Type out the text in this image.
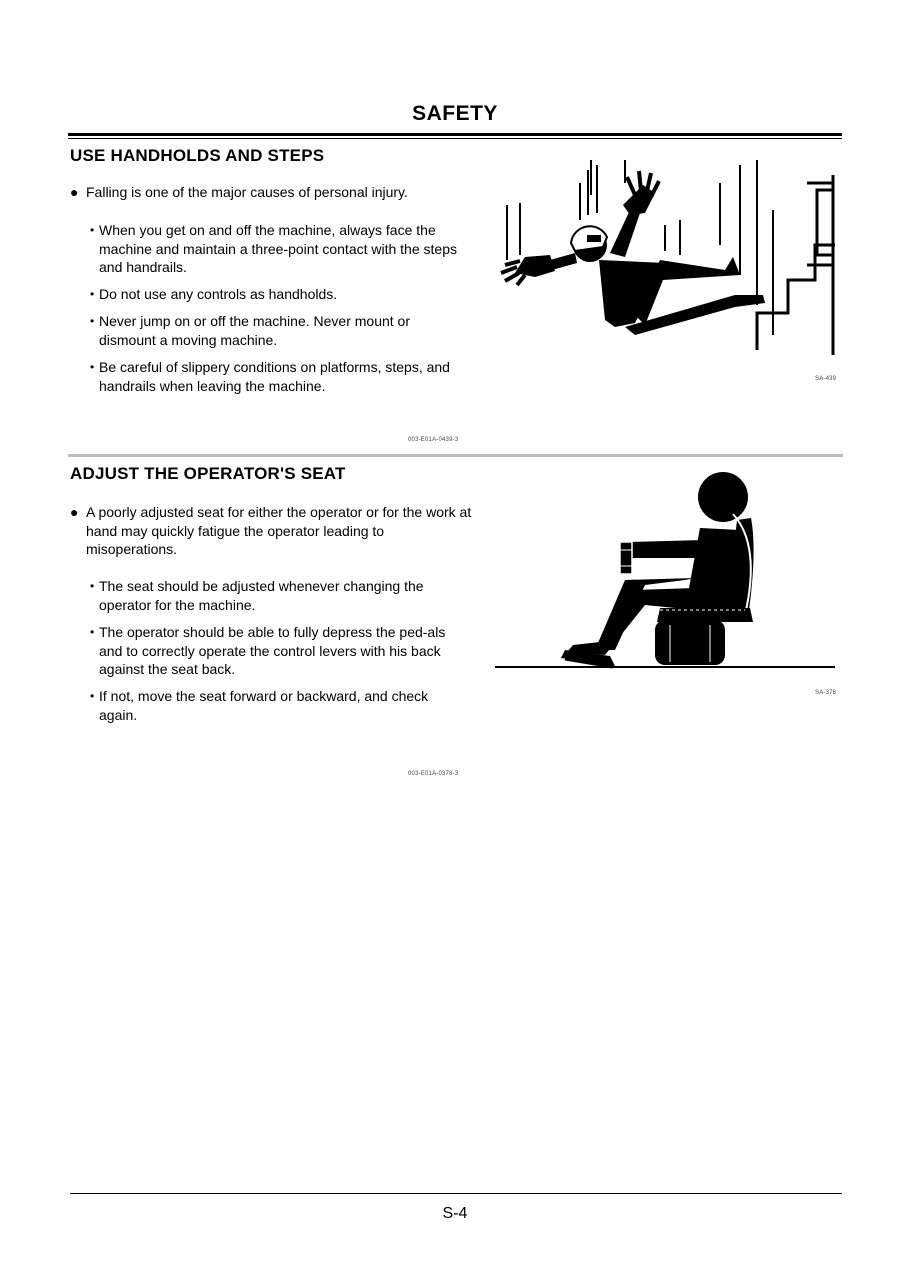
SAFETY
USE HANDHOLDS AND STEPS
● Falling is one of the major causes of personal injury.
• When you get on and off the machine, always face the machine and maintain a three-point contact with the steps and handrails.
• Do not use any controls as handholds.
• Never jump on or off the machine. Never mount or dismount a moving machine.
• Be careful of slippery conditions on platforms, steps, and handrails when leaving the machine.	SA-439
003-E01A-0439-3
ADJUST THE OPERATOR'S SEAT
● A poorly adjusted seat for either the operator or for the work at hand may quickly fatigue the operator leading to misoperations.
• The seat should be adjusted whenever changing the operator for the machine.
• The operator should be able to fully depress the ped-als and to correctly operate the control levers with his back against the seat back.
• If not, move the seat forward or backward, and check again.
SA-378
003-E01A-0378-3
S-4
